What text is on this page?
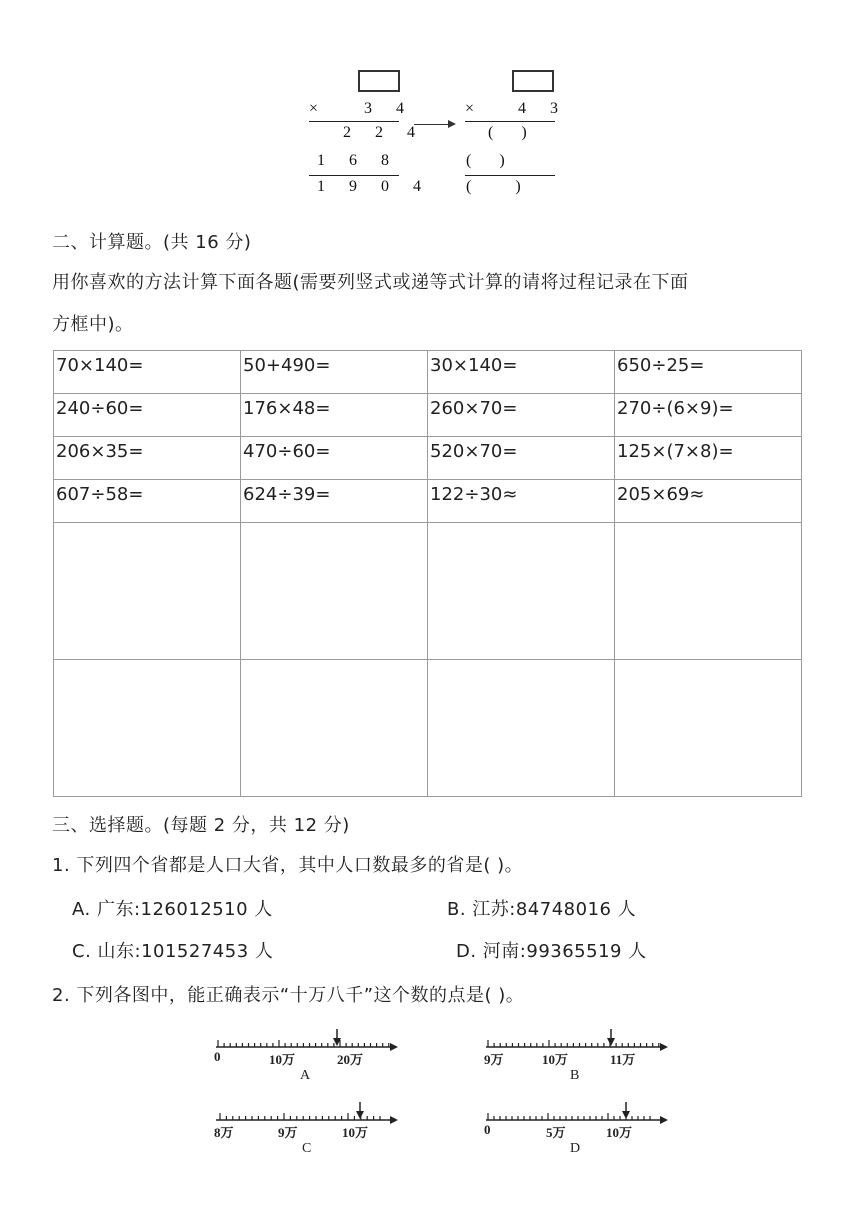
×	3 4
2 2 4
1 6 8
1 9 0 4
×	4 3
(       )
(       )
(           )
二、计算题。(共 16 分)
用你喜欢的方法计算下面各题(需要列竖式或递等式计算的请将过程记录在下面
方框中)。
70×140=	50+490=	30×140=	650÷25=
240÷60=	176×48=	260×70=	270÷(6×9)=
206×35=	470÷60=	520×70=	125×(7×8)=
607÷58=	624÷39=	122÷30≈	205×69≈

三、选择题。(每题 2 分，共 12 分)
1. 下列四个省都是人口大省，其中人口数最多的省是( )。
A. 广东:126012510 人	B. 江苏:84748016 人
C. 山东:101527453 人	D. 河南:99365519 人
2. 下列各图中，能正确表示“十万八千”这个数的点是( )。
0	10万	20万
A
9万	10万	11万
B
8万	9万	10万
C
0	5万	10万
D
